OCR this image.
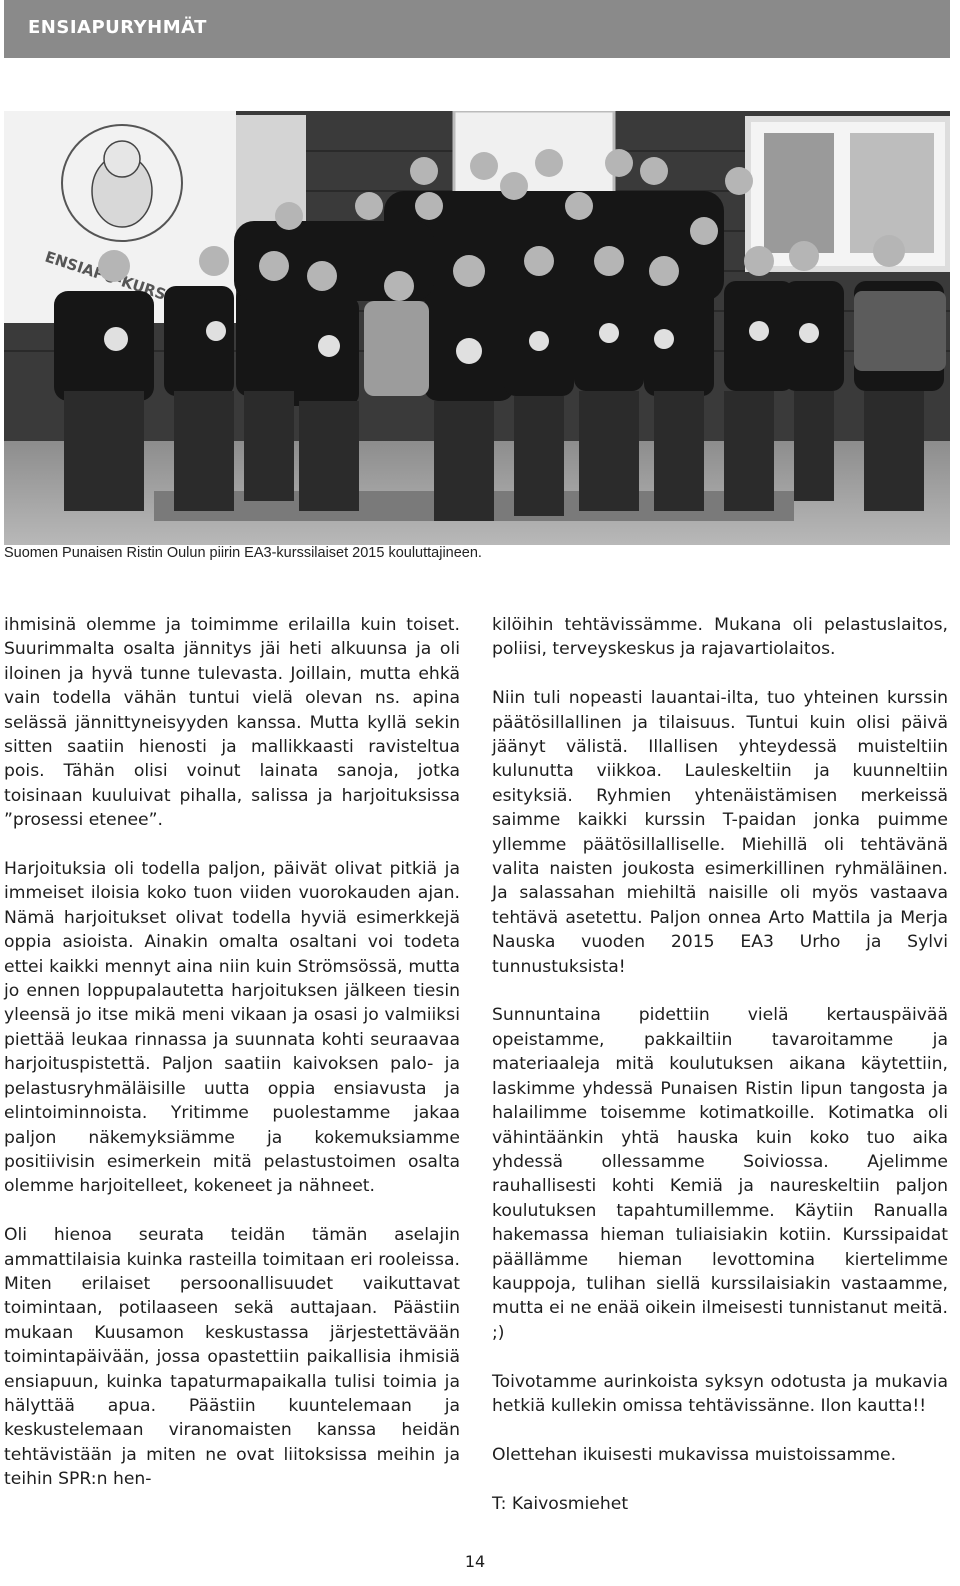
ENSIAPURYHMÄT
Suomen Punaisen Ristin Oulun piirin EA3-kurssilaiset 2015 kouluttajineen.

ihmisinä olemme ja toimimme erilailla kuin toiset. Suurimmalta osalta jännitys jäi heti alkuunsa ja oli iloinen ja hyvä tunne tulevasta. Joillain, mutta ehkä vain todella vähän tuntui vielä olevan ns. apina selässä jännittyneisyyden kanssa. Mutta kyllä sekin sitten saatiin hienosti ja mallikkaasti ravisteltua pois. Tähän olisi voinut lainata sanoja, jotka toisinaan kuuluivat pihalla, salissa ja harjoituksissa ”prosessi etenee”.

Harjoituksia oli todella paljon, päivät olivat pitkiä ja immeiset iloisia koko tuon viiden vuorokauden ajan. Nämä harjoitukset olivat todella hyviä esimerkkejä oppia asioista. Ainakin omalta osaltani voi todeta ettei kaikki mennyt aina niin kuin Strömsössä, mutta jo ennen loppupalautetta harjoituksen jälkeen tiesin yleensä jo itse mikä meni vikaan ja osasi jo valmiiksi piettää leukaa rinnassa ja suunnata kohti seuraavaa harjoituspistettä. Paljon saatiin kaivoksen palo- ja pelastusryhmäläisille uutta oppia ensiavusta ja elintoiminnoista. Yritimme puolestamme jakaa paljon näkemyksiämme ja kokemuksiamme positiivisin esimerkein mitä pelastustoimen osalta olemme harjoitelleet, kokeneet ja nähneet.

Oli hienoa seurata teidän tämän aselajin ammattilaisia kuinka rasteilla toimitaan eri rooleissa. Miten erilaiset persoonallisuudet vaikuttavat toimintaan, potilaaseen sekä auttajaan. Päästiin mukaan Kuusamon keskustassa järjestettävään toimintapäivään, jossa opastettiin paikallisia ihmisiä ensiapuun, kuinka tapaturmapaikalla tulisi toimia ja hälyttää apua. Päästiin kuuntelemaan ja keskustelemaan viranomaisten kanssa heidän tehtävistään ja miten ne ovat liitoksissa meihin ja teihin SPR:n hen-

kilöihin tehtävissämme. Mukana oli pelastuslaitos, poliisi, terveyskeskus ja rajavartiolaitos.

Niin tuli nopeasti lauantai-ilta, tuo yhteinen kurssin päätösillallinen ja tilaisuus. Tuntui kuin olisi päivä jäänyt välistä. Illallisen yhteydessä muisteltiin kulunutta viikkoa. Lauleskeltiin ja kuunneltiin esityksiä. Ryhmien yhtenäistämisen merkeissä saimme kaikki kurssin T-paidan jonka puimme yllemme päätösillalliselle. Miehillä oli tehtävänä valita naisten joukosta esimerkillinen ryhmäläinen. Ja salassahan miehiltä naisille oli myös vastaava tehtävä asetettu. Paljon onnea Arto Mattila ja Merja Nauska vuoden 2015 EA3 Urho ja Sylvi tunnustuksista!

Sunnuntaina pidettiin vielä kertauspäivää opeistamme, pakkailtiin tavaroitamme ja materiaaleja mitä koulutuksen aikana käytettiin, laskimme yhdessä Punaisen Ristin lipun tangosta ja halailimme toisemme kotimatkoille. Kotimatka oli vähintäänkin yhtä hauska kuin koko tuo aika yhdessä ollessamme Soiviossa. Ajelimme rauhallisesti kohti Kemiä ja naureskeltiin paljon koulutuksen tapahtumillemme. Käytiin Ranualla hakemassa hieman tuliaisiakin kotiin. Kurssipaidat päällämme hieman levottomina kiertelimme kauppoja, tulihan siellä kurssilaisiakin vastaamme, mutta ei ne enää oikein ilmeisesti tunnistanut meitä. ;)

Toivotamme aurinkoista syksyn odotusta ja mukavia hetkiä kullekin omissa tehtävissänne. Ilon kautta!!

Olettehan ikuisesti mukavissa muistoissamme.

T: Kaivosmiehet

14
